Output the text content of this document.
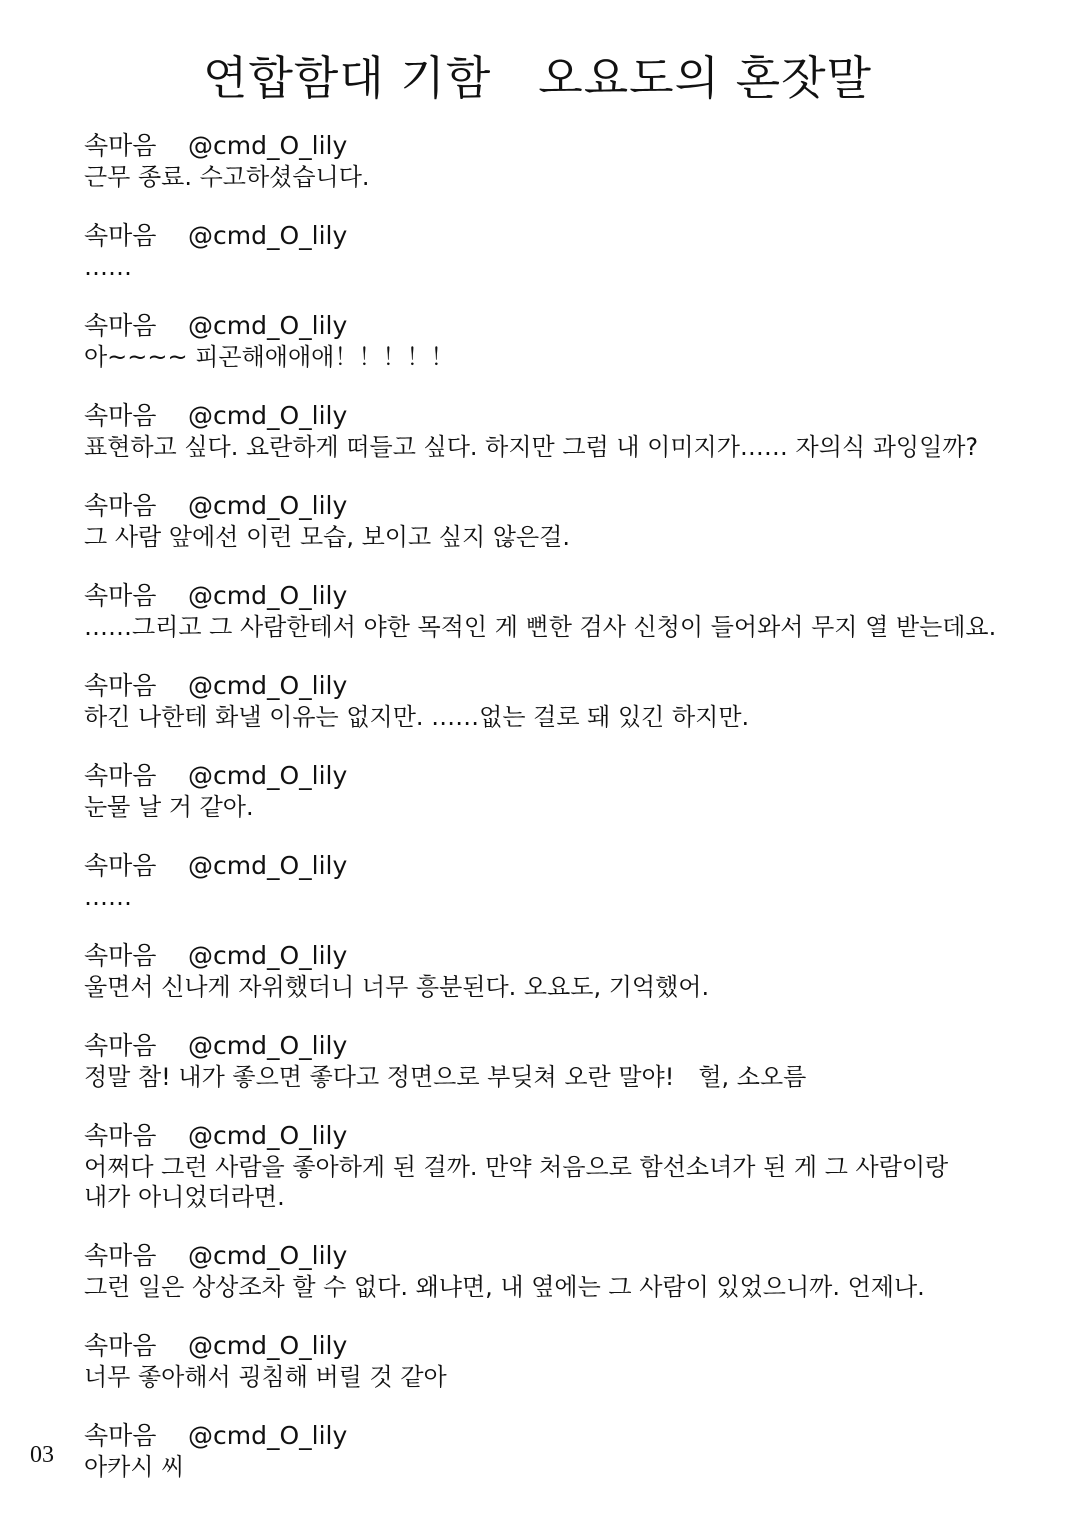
연합함대 기함　오요도의 혼잣말
속마음 @cmd_O_lily
근무 종료. 수고하셨습니다.
속마음 @cmd_O_lily
……
속마음 @cmd_O_lily
아~~~~ 피곤해애애애！！！！！
속마음 @cmd_O_lily
표현하고 싶다. 요란하게 떠들고 싶다. 하지만 그럼 내 이미지가…… 자의식 과잉일까?
속마음 @cmd_O_lily
그 사람 앞에선 이런 모습, 보이고 싶지 않은걸.
속마음 @cmd_O_lily
……그리고 그 사람한테서 야한 목적인 게 뻔한 검사 신청이 들어와서 무지 열 받는데요.
속마음 @cmd_O_lily
하긴 나한테 화낼 이유는 없지만. ……없는 걸로 돼 있긴 하지만.
속마음 @cmd_O_lily
눈물 날 거 같아.
속마음 @cmd_O_lily
……
속마음 @cmd_O_lily
울면서 신나게 자위했더니 너무 흥분된다. 오요도, 기억했어.
속마음 @cmd_O_lily
정말 참! 내가 좋으면 좋다고 정면으로 부딪쳐 오란 말야!　헐, 소오름
속마음 @cmd_O_lily
어쩌다 그런 사람을 좋아하게 된 걸까. 만약 처음으로 함선소녀가 된 게 그 사람이랑
내가 아니었더라면.
속마음 @cmd_O_lily
그런 일은 상상조차 할 수 없다. 왜냐면, 내 옆에는 그 사람이 있었으니까. 언제나.
속마음 @cmd_O_lily
너무 좋아해서 굉침해 버릴 것 같아
속마음 @cmd_O_lily
아카시 씨
03
